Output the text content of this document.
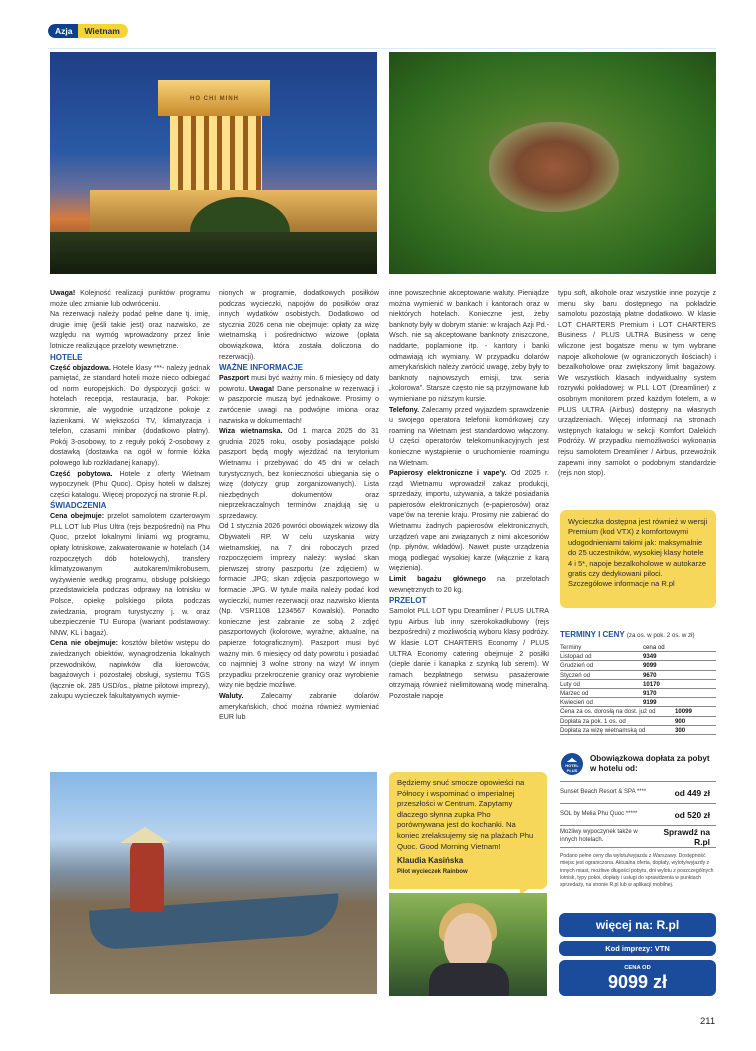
Azja	Wietnam
HO CHI MINH

Uwaga! Kolejność realizacji punktów programu może ulec zmianie lub odwróceniu.

Na rezerwacji należy podać pełne dane tj. imię, drugie imię (jeśli takie jest) oraz nazwisko, ze względu na wymóg wprowadzony przez linie lotnicze realizujące przeloty wewnętrzne.

HOTELE

Część objazdowa. Hotele klasy ***- należy jednak pamiętać, że standard hoteli może nieco odbiegać od norm europejskich. Do dyspozycji gości: w hotelach recepcja, restauracja, bar. Pokoje: skromnie, ale wygodnie urządzone pokoje z łazienkami. W większości TV, klimatyzacja i telefon, czasami minibar (dodatkowo płatny). Pokój 3-osobowy, to z reguły pokój 2-osobowy z dostawką (dostawka na ogół w formie łóżka polowego lub rozkładanej kanapy).

Część pobytowa. Hotele z oferty Wietnam wypoczynek (Phu Quoc). Opisy hoteli w dalszej części katalogu. Więcej propozycji na stronie R.pl.

ŚWIADCZENIA

Cena obejmuje: przelot samolotem czarterowym PLL LOT lub Plus Ultra (rejs bezpośredni) na Phu Quoc, przelot lokalnymi liniami wg programu, opłaty lotniskowe, zakwaterowanie w hotelach (14 rozpoczętych dób hotelowych), transfery klimatyzowanym autokarem/mikrobusem, wyżywienie według programu, obsługę polskiego przedstawiciela podczas odprawy na lotnisku w Polsce, opiekę polskiego pilota podczas zwiedzania, program turystyczny j. w. oraz ubezpieczenie TU Europa (wariant podstawowy: NNW, KL i bagaż).

Cena nie obejmuje: kosztów biletów wstępu do zwiedzanych obiektów, wynagrodzenia lokalnych przewodników, napiwków dla kierowców, bagażowych i pozostałej obsługi, systemu TGS (łącznie ok. 285 USD/os., płatne pilotowi imprezy), zakupu wycieczek fakultatywnych wymie-

nionych w programie, dodatkowych posiłków podczas wycieczki, napojów do posiłków oraz innych wydatków osobistych. Dodatkowo od stycznia 2026 cena nie obejmuje: opłaty za wizę wietnamską i pośrednictwo wizowe (opłata obowiązkowa, która została doliczona do rezerwacji).

WAŻNE INFORMACJE

Paszport musi być ważny min. 6 miesięcy od daty powrotu. Uwaga! Dane personalne w rezerwacji i w paszporcie muszą być jednakowe. Prosimy o zwrócenie uwagi na podwójne imiona oraz nazwiska w dokumentach!

Wiza wietnamska. Od 1 marca 2025 do 31 grudnia 2025 roku, osoby posiadające polski paszport będą mogły wjeżdżać na terytorium Wietnamu i przebywać do 45 dni w celach turystycznych, bez konieczności ubiegania się o wizę (dotyczy grup zorganizowanych). Lista niezbędnych dokumentów oraz nieprzekraczalnych terminów znajdują się u sprzedawcy.

Od 1 stycznia 2026 powróci obowiązek wizowy dla Obywateli RP. W celu uzyskania wizy wietnamskiej, na 7 dni roboczych przed rozpoczęciem imprezy należy: wysłać skan pierwszej strony paszportu (ze zdjęciem) w formacie .JPG; skan zdjęcia paszportowego w formacie .JPG. W tytule maila należy podać kod wycieczki, numer rezerwacji oraz nazwisko klienta (Np. VSR1108 1234567 Kowalski). Ponadto konieczne jest zabranie ze sobą 2 zdjęć paszportowych (kolorowe, wyraźne, aktualne, na papierze fotograficznym). Paszport musi być ważny min. 6 miesięcy od daty powrotu i posiadać co najmniej 3 wolne strony na wizy! W innym przypadku przekroczenie granicy oraz wyrobienie wizy nie będzie możliwe.

Waluty. Zalecamy zabranie dolarów amerykańskich, choć można również wymieniać EUR lub

inne powszechnie akceptowane waluty. Pieniądze można wymienić w bankach i kantorach oraz w niektórych hotelach. Konieczne jest, żeby banknoty były w dobrym stanie: w krajach Azji Pd.-Wsch. nie są akceptowane banknoty zniszczone, naddarte, poplamione itp. - kantory i banki odmawiają ich wymiany. W przypadku dolarów amerykańskich należy zwrócić uwagę, żeby były to banknoty najnowszych emisji, tzw. seria „kolorowa”. Starsze często nie są przyjmowane lub wymieniane po niższym kursie.

Telefony. Zalecamy przed wyjazdem sprawdzenie u swojego operatora telefonii komórkowej czy roaming na Wietnam jest standardowo włączony. U części operatorów telekomunikacyjnych jest konieczne wystąpienie o uruchomienie roamingu na Wietnam.

Papierosy elektroniczne i vape'y. Od 2025 r. rząd Wietnamu wprowadził zakaz produkcji, sprzedaży, importu, używania, a także posiadania papierosów elektronicznych (e-papierosów) oraz vape'ów na terenie kraju. Prosimy nie zabierać do Wietnamu żadnych papierosów elektronicznych, urządzeń vape ani związanych z nimi akcesoriów (np. płynów, wkładów). Nawet puste urządzenia mogą podlegać wysokiej karze (włącznie z karą więzienia).

Limit bagażu głównego na przelotach wewnętrznych to 20 kg.

PRZELOT

Samolot PLL LOT typu Dreamliner / PLUS ULTRA typu Airbus lub inny szerokokadłubowy (rejs bezpośredni) z możliwością wyboru klasy podróży. W klasie LOT CHARTERS Economy / PLUS ULTRA Economy catering obejmuje 2 posiłki (ciepłe danie i kanapka z szynką lub serem). W ramach bezpłatnego serwisu pasażerowie otrzymają również nielimitowaną wodę mineralną. Pozostałe napoje

typu soft, alkohole oraz wszystkie inne pozycje z menu sky baru dostępnego na pokładzie samolotu pozostają płatne dodatkowo. W klasie LOT CHARTERS Premium i LOT CHARTERS Business / PLUS ULTRA Business w cenę wliczone jest bogatsze menu w tym wybrane napoje alkoholowe (w ograniczonych ilościach) i bezalkoholowe oraz zwiększony limit bagażowy. We wszystkich klasach indywidualny system rozrywki pokładowej: w PLL LOT (Dreamliner) z osobnym monitorem przed każdym fotelem, a w PLUS ULTRA (Airbus) dostępny na własnych urządzeniach. Więcej informacji na stronach wstępnych katalogu w sekcji Komfort Dalekich Podróży. W przypadku niemożliwości wykonania rejsu samolotem Dreamliner / Airbus, przewoźnik zapewni inny samolot o podobnym standardzie (rejs non stop).

Wycieczka dostępna jest również w wersji Premium (kod VTX) z komfortowymi udogodnieniami takimi jak: maksymalnie do 25 uczestników, wysokiej klasy hotele 4 i 5*, napoje bezalkoholowe w autokarze gratis czy dedykowani piloci. Szczegółowe informacje na R.pl
TERMINY I CENY (za os. w pok. 2 os. w zł)
Terminy	cena od
Listopad od	9349
Grudzień od	9099
Styczeń od	9670
Luty od	10170
Marzec od	9170
Kwiecień od	9199
Cena za os. dorosłą na dost. już od	10099
Dopłata za pok. 1 os. od	900
Dopłata za wizę wietnamską od	300
HOTEL
PLUS
Obowiązkowa dopłata za pobyt w hotelu od:
Sunset Beach Resort & SPA ****	od 449 zł
SOL by Melia Phu Quoc *****	od 520 zł
Możliwy wypoczynek także w innych hotelach.
Sprawdź na R.pl
Podano pełne ceny dla wylotu/wyjazdu z Warszawy. Dostępność miejsc jest ograniczona. Aktualna oferta, dopłaty, wyloty/wyjazdy z innych miast, możliwe długości pobytu, dni wylotu z poszczególnych lotnisk, typy pokoi, dopłaty i usługi do sprawdzenia w punktach sprzedaży, na stronie R.pl lub w aplikacji mobilnej.
Będziemy snuć smocze opowieści na Północy i wspominać o imperialnej przeszłości w Centrum. Zapytamy dlaczego słynna zupka Pho porównywana jest do kochanki. Na koniec zrelaksujemy się na plażach Phu Quoc. Good Morning Vietnam!
Klaudia Kasińska
Pilot wycieczek Rainbow
więcej na: R.pl
Kod imprezy: VTN
CENA OD
9099 zł
211
